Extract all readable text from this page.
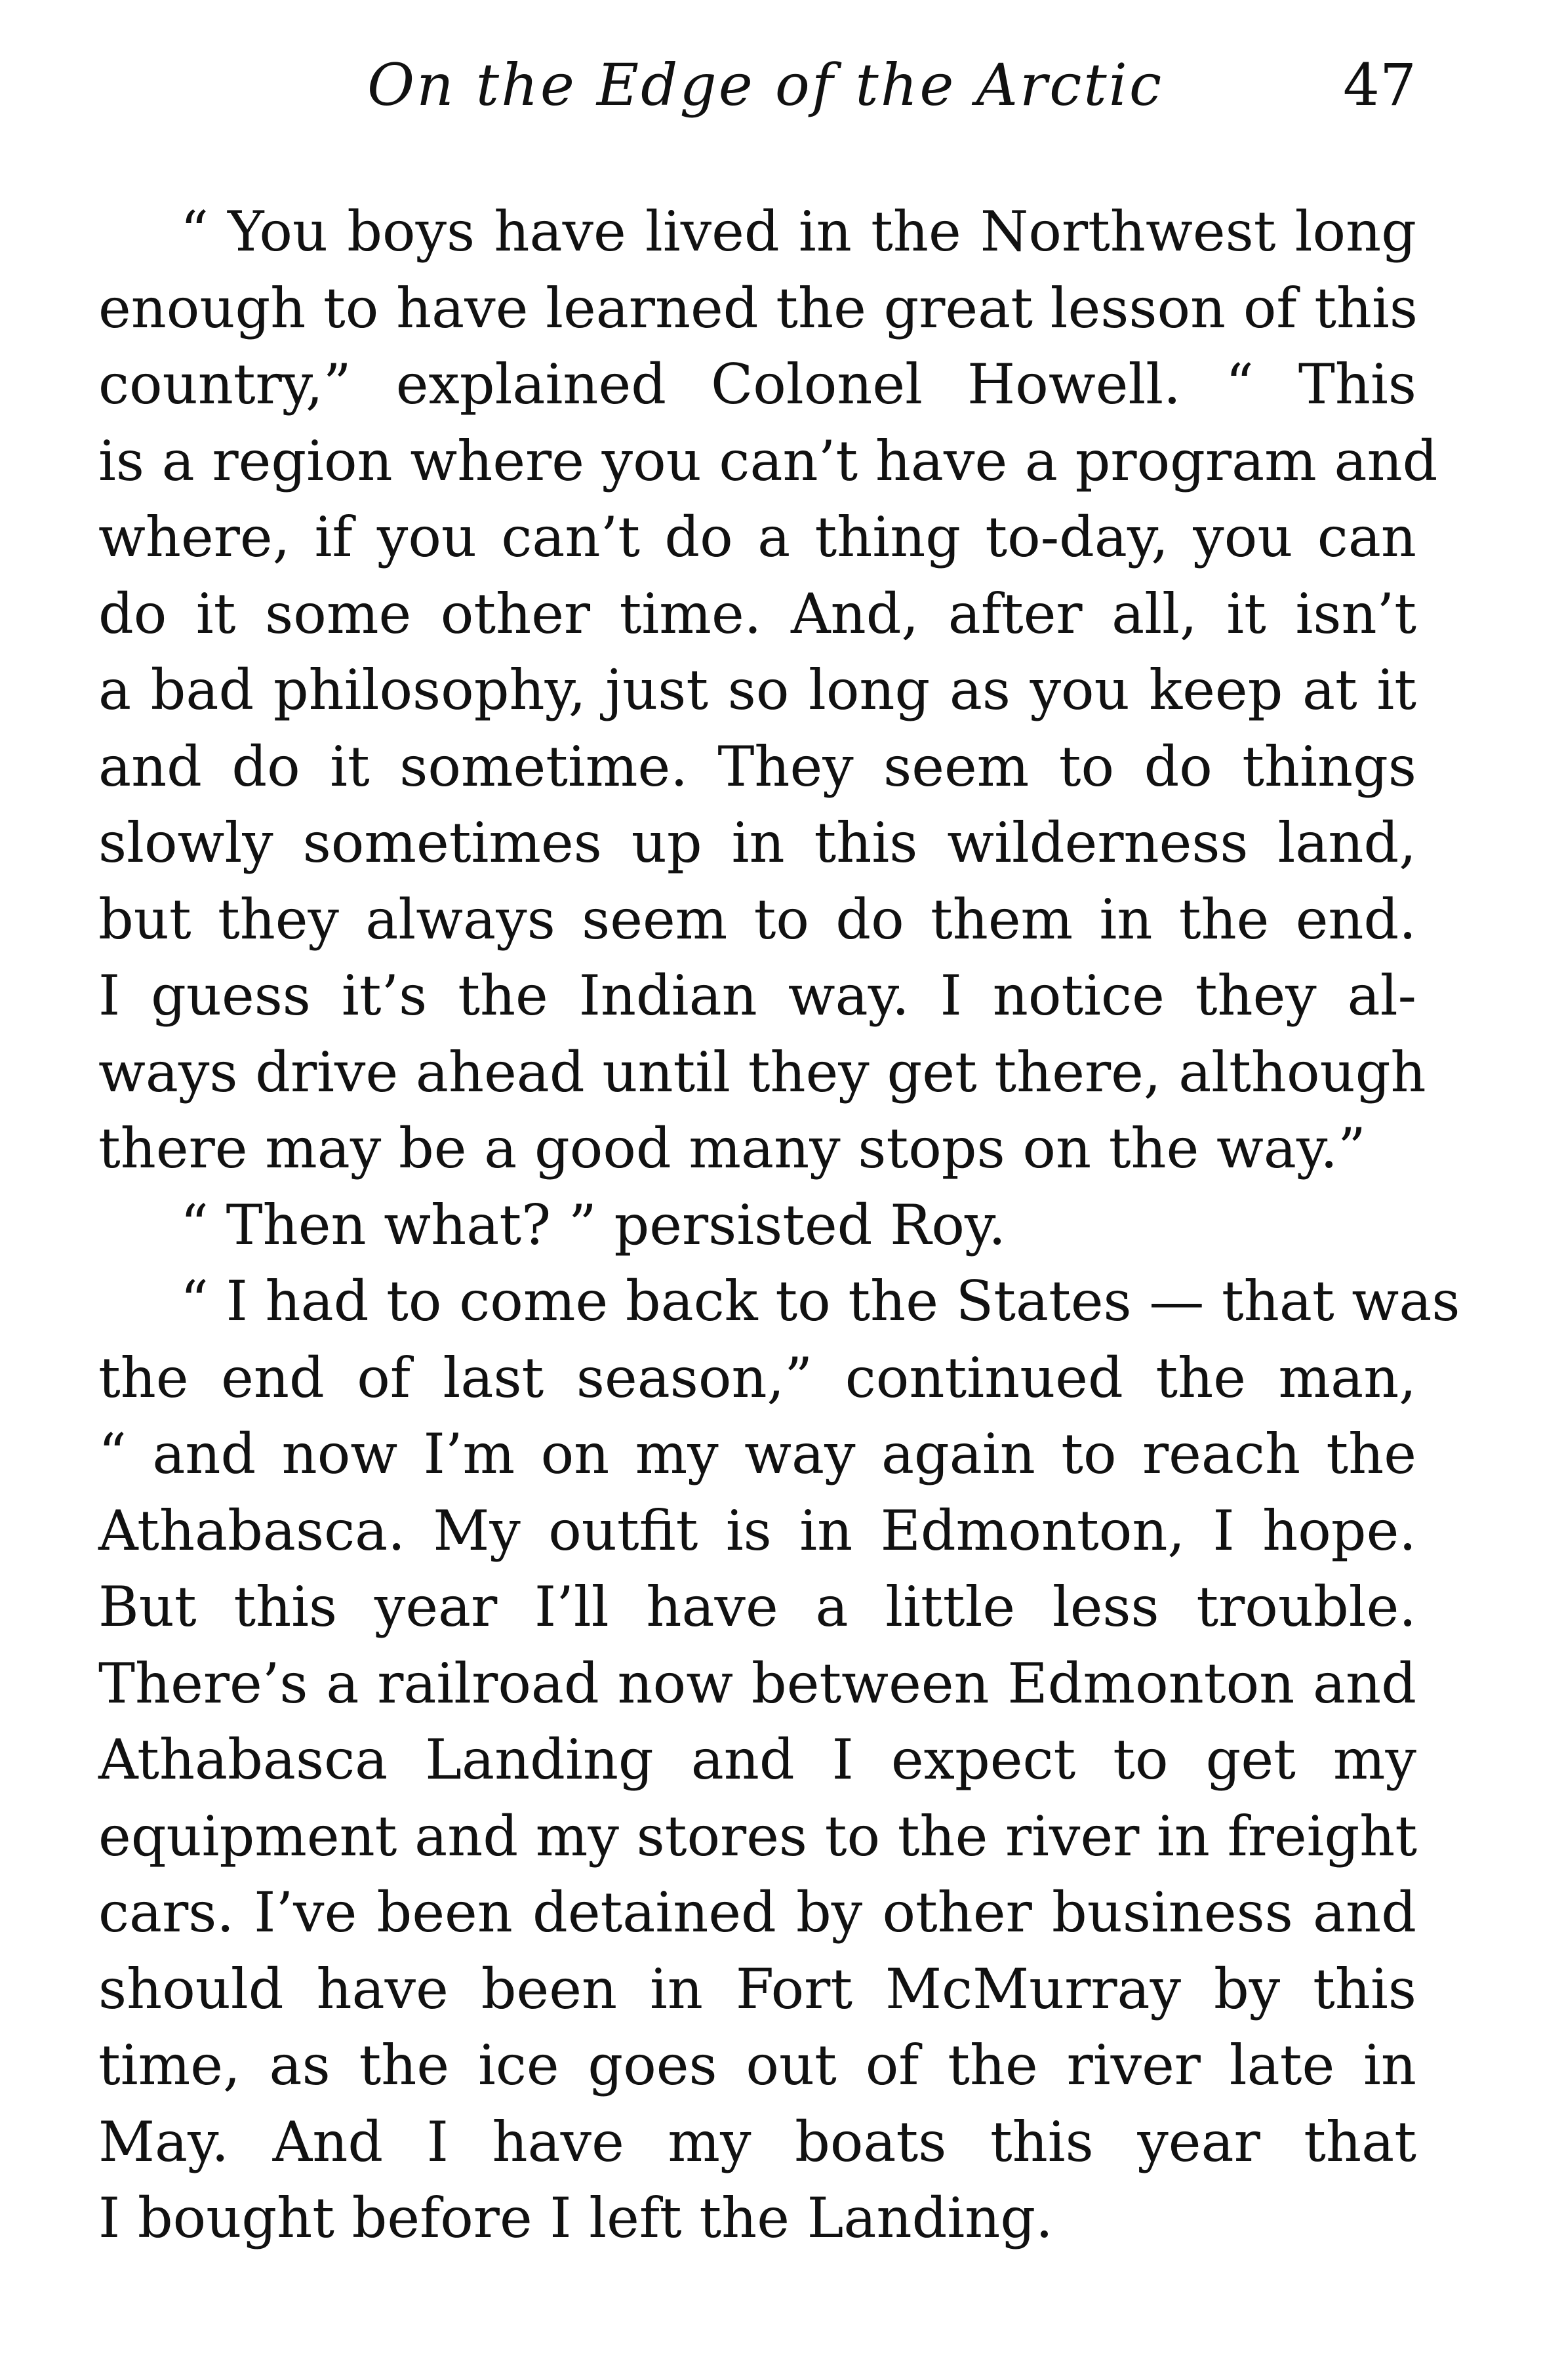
On the Edge of the Arctic	47
“ You boys have lived in the Northwest long
enough to have learned the great lesson of this
country,” explained Colonel Howell. “ This
is a region where you can’t have a program and
where, if you can’t do a thing to-day, you can
do it some other time. And, after all, it isn’t
a bad philosophy, just so long as you keep at it
and do it sometime. They seem to do things
slowly sometimes up in this wilderness land,
but they always seem to do them in the end.
I guess it’s the Indian way. I notice they al-
ways drive ahead until they get there, although
there may be a good many stops on the way.”
“ Then what? ” persisted Roy.
“ I had to come back to the States — that was
the end of last season,” continued the man,
“ and now I’m on my way again to reach the
Athabasca. My outfit is in Edmonton, I hope.
But this year I’ll have a little less trouble.
There’s a railroad now between Edmonton and
Athabasca Landing and I expect to get my
equipment and my stores to the river in freight
cars. I’ve been detained by other business and
should have been in Fort McMurray by this
time, as the ice goes out of the river late in
May. And I have my boats this year that
I bought before I left the Landing.
